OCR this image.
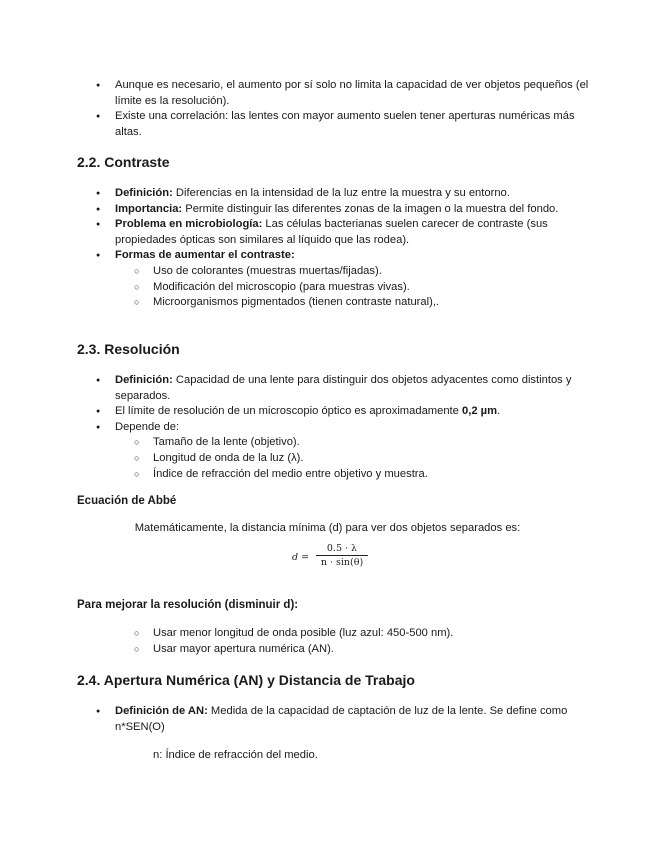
● Aunque es necesario, el aumento por sí solo no limita la capacidad de ver objetos pequeños (el límite es la resolución).
● Existe una correlación: las lentes con mayor aumento suelen tener aperturas numéricas más altas.
2.2. Contraste
● Definición: Diferencias en la intensidad de la luz entre la muestra y su entorno.
● Importancia: Permite distinguir las diferentes zonas de la imagen o la muestra del fondo.
● Problema en microbiología: Las células bacterianas suelen carecer de contraste (sus propiedades ópticas son similares al líquido que las rodea).
● Formas de aumentar el contraste:
○ Uso de colorantes (muestras muertas/fijadas).
○ Modificación del microscopio (para muestras vivas).
○ Microorganismos pigmentados (tienen contraste natural),.
2.3. Resolución
● Definición: Capacidad de una lente para distinguir dos objetos adyacentes como distintos y separados.
● El límite de resolución de un microscopio óptico es aproximadamente 0,2 µm.
● Depende de:
○ Tamaño de la lente (objetivo).
○ Longitud de onda de la luz (λ).
○ Índice de refracción del medio entre objetivo y muestra.
Ecuación de Abbé
Matemáticamente, la distancia mínima (d) para ver dos objetos separados es:
d =
0.5 · λ
n · sin(θ)
Para mejorar la resolución (disminuir d):
○ Usar menor longitud de onda posible (luz azul: 450-500 nm).
○ Usar mayor apertura numérica (AN).
2.4. Apertura Numérica (AN) y Distancia de Trabajo
● Definición de AN: Medida de la capacidad de captación de luz de la lente. Se define como n*SEN(O)
n: Índice de refracción del medio.
